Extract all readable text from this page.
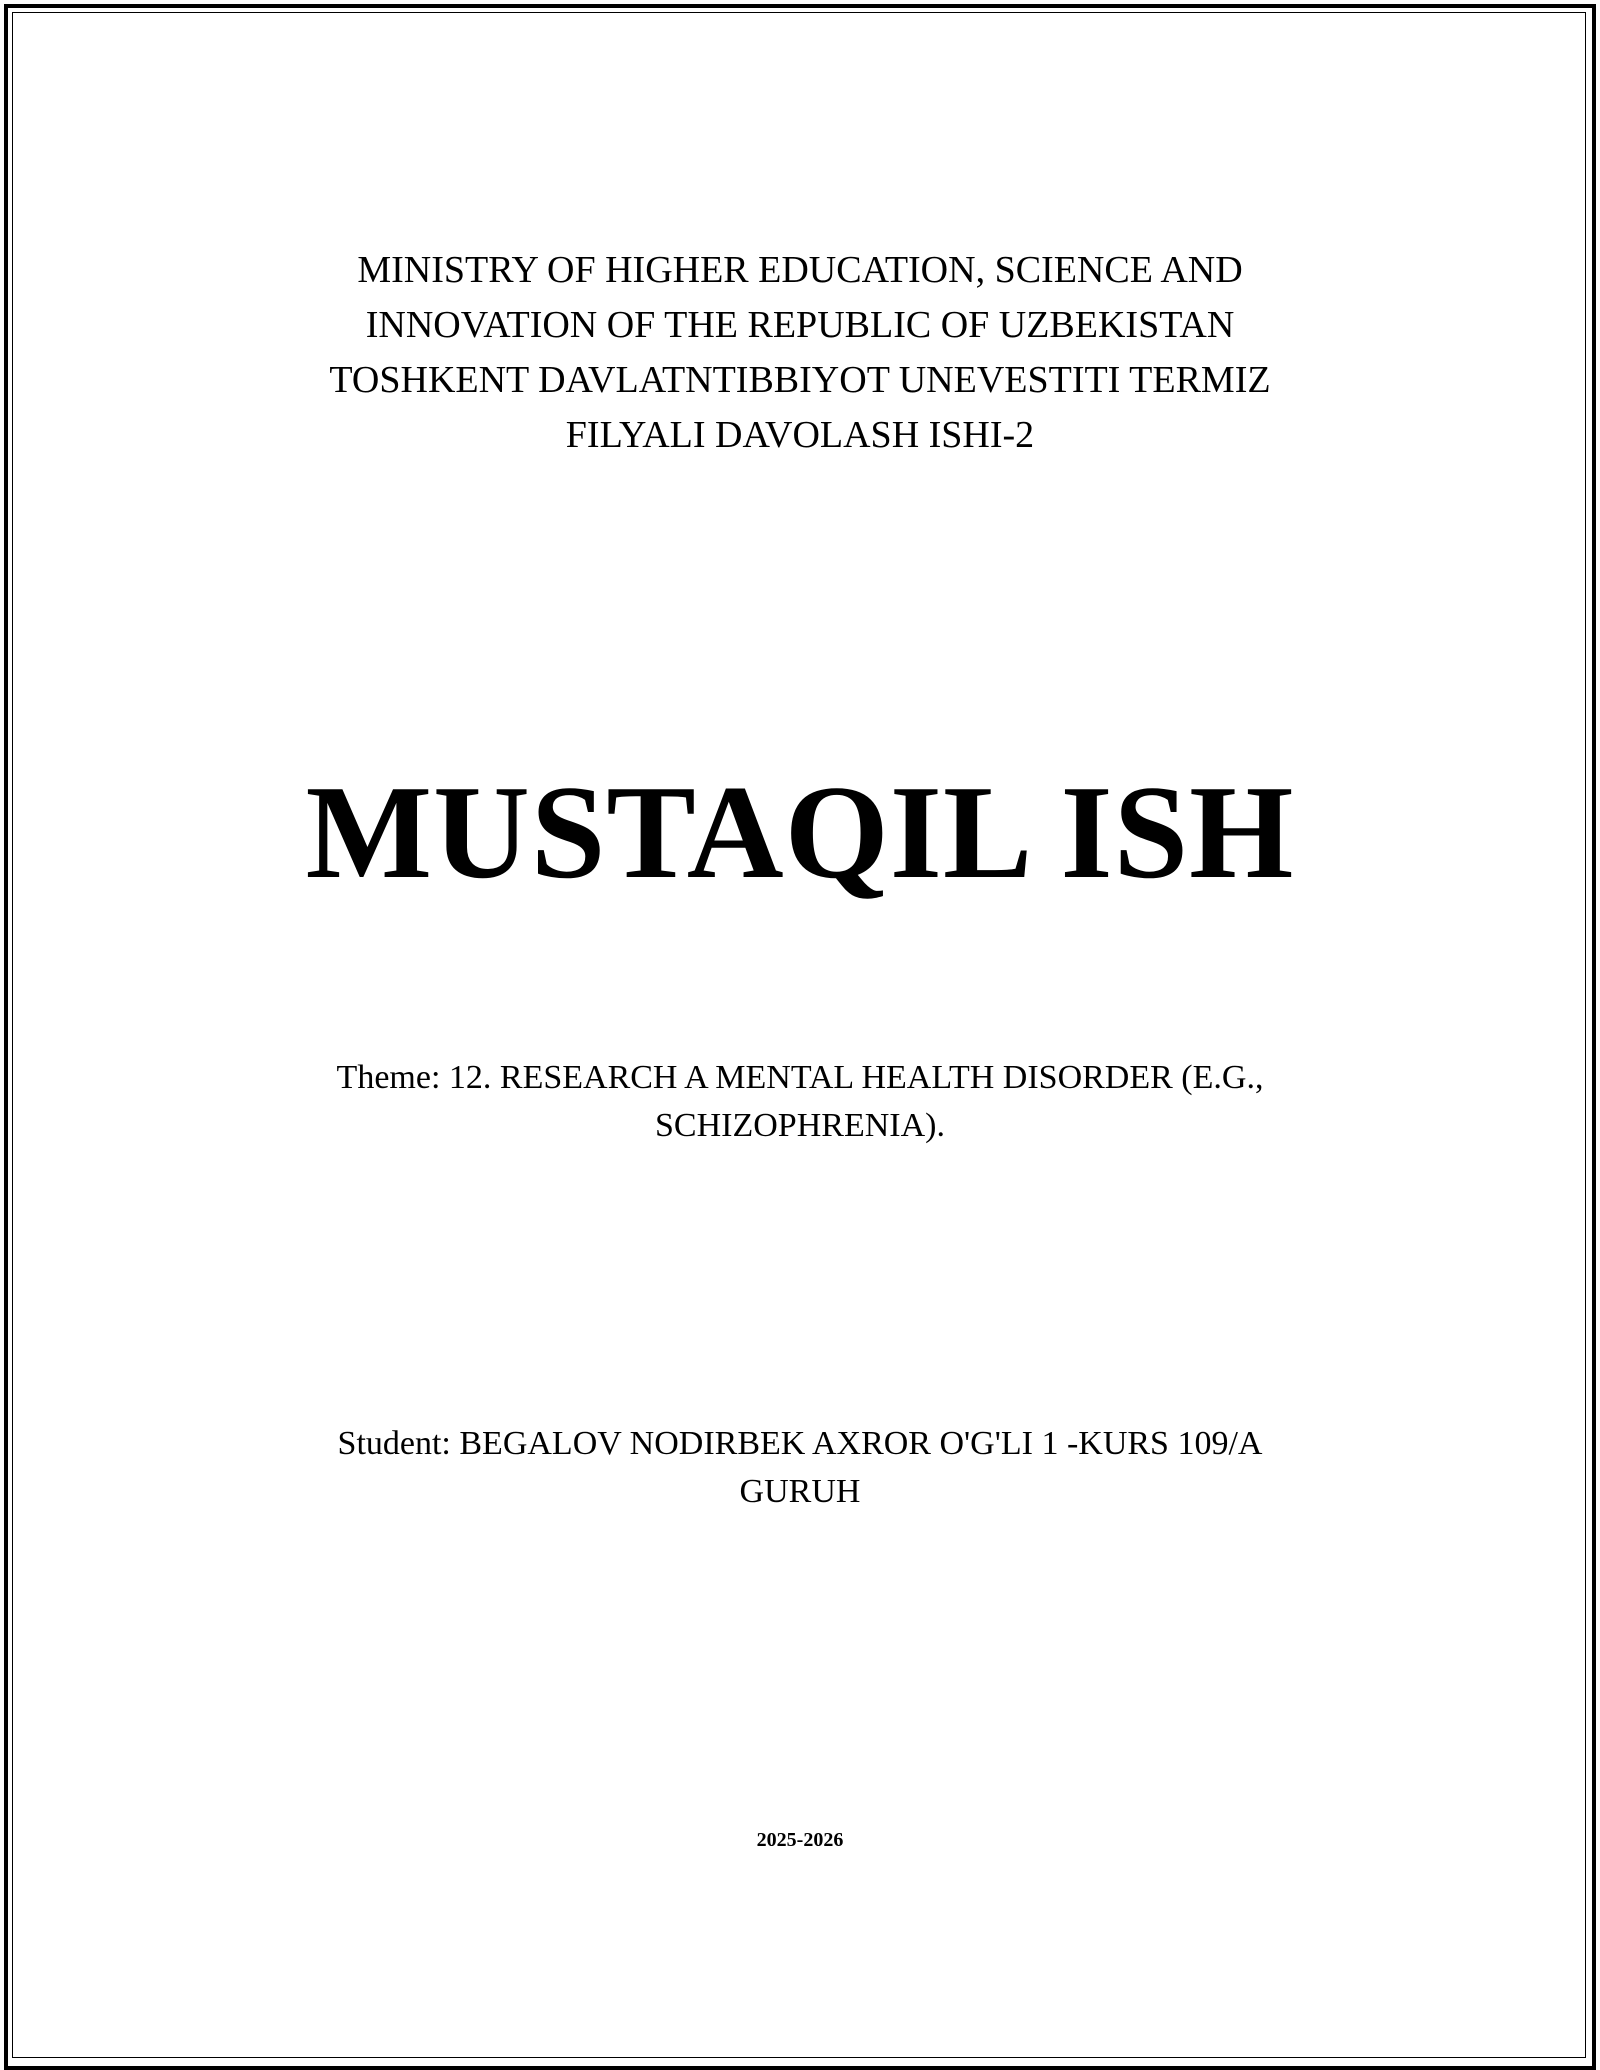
MINISTRY OF HIGHER EDUCATION, SCIENCE AND
INNOVATION OF THE REPUBLIC OF UZBEKISTAN
TOSHKENT DAVLATNTIBBIYOT UNEVESTITI TERMIZ
FILYALI DAVOLASH ISHI-2
MUSTAQIL ISH
Theme: 12. RESEARCH A MENTAL HEALTH DISORDER (E.G.,
SCHIZOPHRENIA).
Student: BEGALOV NODIRBEK AXROR O'G'LI 1 -KURS 109/A
GURUH
2025-2026
